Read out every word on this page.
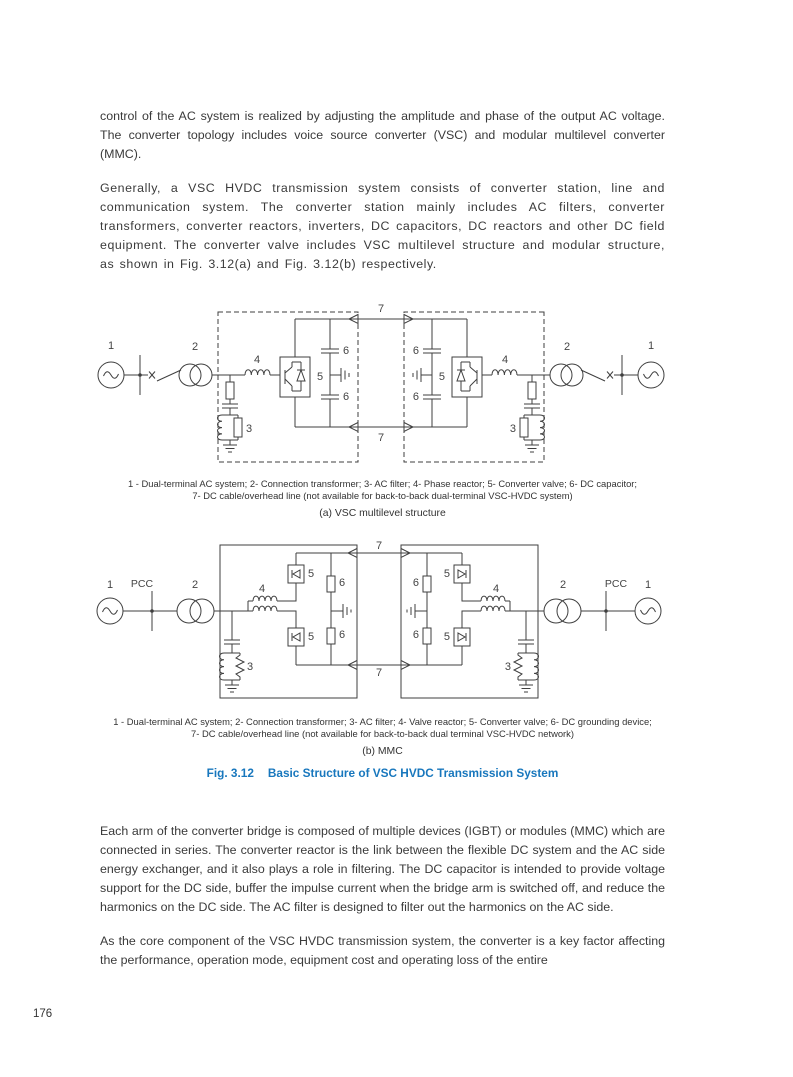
control of the AC system is realized by adjusting the amplitude and phase of the output AC voltage. The converter topology includes voice source converter (VSC) and modular multilevel converter (MMC).

Generally, a VSC HVDC transmission system consists of converter station, line and communication system. The converter station mainly includes AC filters, converter transformers, converter reactors, inverters, DC capacitors, DC reactors and other DC field equipment. The converter valve includes VSC multilevel structure and modular structure, as shown in Fig. 3.12(a) and Fig. 3.12(b) respectively.

1	2
4
5
6
6
3
7
7
1
2
4
5
6
6
3
1 - Dual-terminal AC system; 2- Connection transformer; 3- AC filter; 4- Phase reactor; 5- Converter valve; 6- DC capacitor;
7- DC cable/overhead line (not available for back-to-back dual-terminal VSC-HVDC system)
(a) VSC multilevel structure
1 PCC	2	4
5
5
6
6
3
7
7
1
PCC
2
4
5
5
6
6
3
1 - Dual-terminal AC system; 2- Connection transformer; 3- AC filter; 4- Valve reactor; 5- Converter valve; 6- DC grounding device;
7- DC cable/overhead line (not available for back-to-back dual terminal VSC-HVDC network)
(b) MMC
Fig. 3.12 Basic Structure of VSC HVDC Transmission System

Each arm of the converter bridge is composed of multiple devices (IGBT) or modules (MMC) which are connected in series. The converter reactor is the link between the flexible DC system and the AC side energy exchanger, and it also plays a role in filtering. The DC capacitor is intended to provide voltage support for the DC side, buffer the impulse current when the bridge arm is switched off, and reduce the harmonics on the DC side. The AC filter is designed to filter out the harmonics on the AC side.

As the core component of the VSC HVDC transmission system, the converter is a key factor affecting the performance, operation mode, equipment cost and operating loss of the entire

176
